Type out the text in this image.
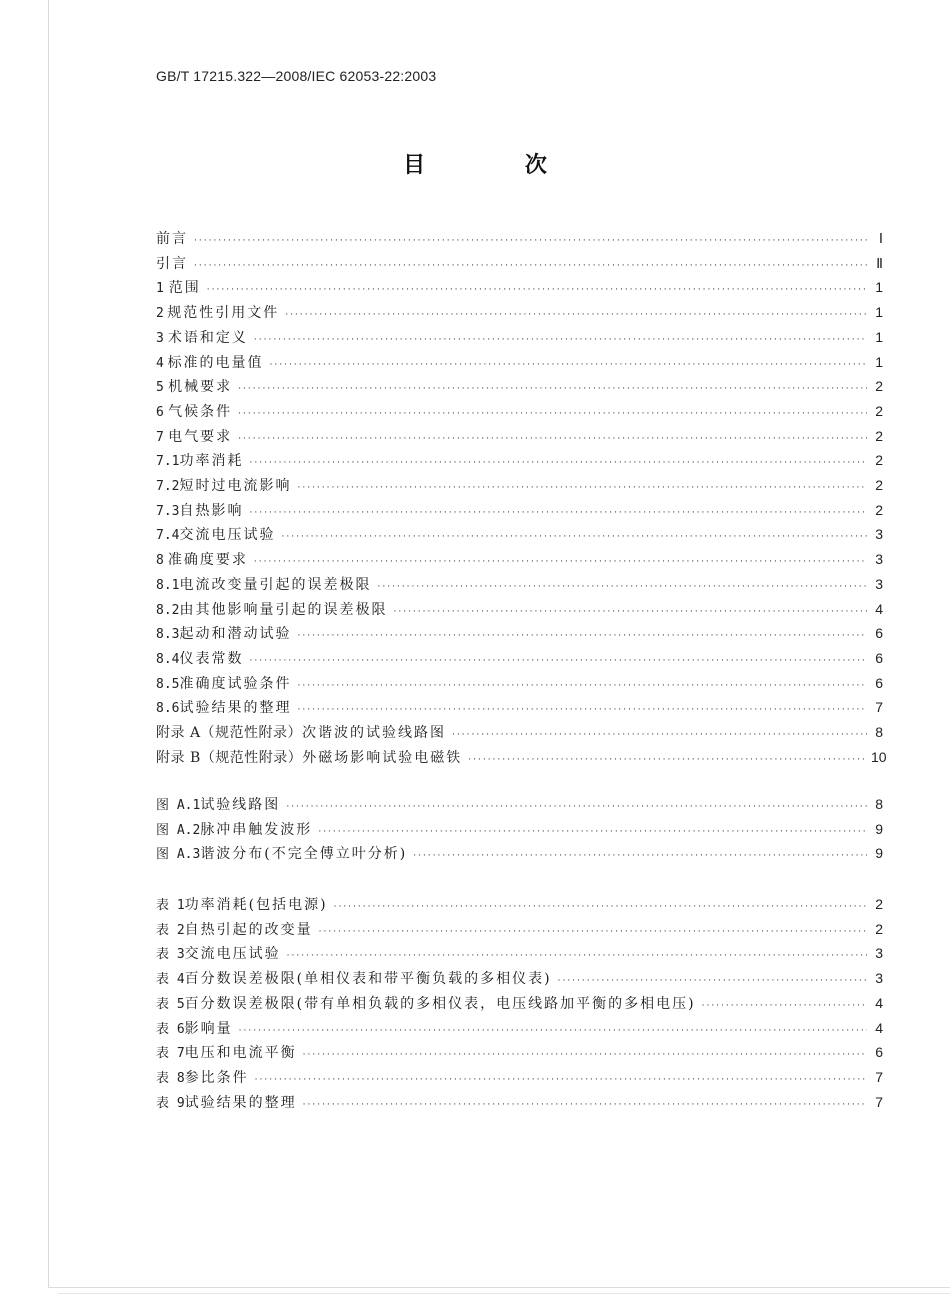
GB/T 17215.322—2008/IEC 62053-22:2003
目 次
前言 ·····	Ⅰ
引言 ·····	Ⅱ
1 范围 ·····	1
2 规范性引用文件 ·····	1
3 术语和定义 ·····	1
4 标准的电量值 ·····	1
5 机械要求 ·····	2
6 气候条件 ·····	2
7 电气要求 ·····	2
7.1 功率消耗 ·····	2
7.2 短时过电流影响 ·····	2
7.3 自热影响 ·····	2
7.4 交流电压试验 ·····	3
8 准确度要求 ·····	3
8.1 电流改变量引起的误差极限 ·····	3
8.2 由其他影响量引起的误差极限 ·····	4
8.3 起动和潜动试验 ·····	6
8.4 仪表常数 ·····	6
8.5 准确度试验条件 ·····	6
8.6 试验结果的整理 ·····	7
附录 A（规范性附录） 次谐波的试验线路图 ·····	8
附录 B（规范性附录） 外磁场影响试验电磁铁 ·····	10
图 A.1 试验线路图 ·····	8
图 A.2 脉冲串触发波形 ·····	9
图 A.3 谐波分布(不完全傅立叶分析) ·····	9
表 1 功率消耗(包括电源) ·····	2
表 2 自热引起的改变量 ·····	2
表 3 交流电压试验 ·····	3
表 4 百分数误差极限(单相仪表和带平衡负载的多相仪表) ·····	3
表 5 百分数误差极限(带有单相负载的多相仪表，电压线路加平衡的多相电压) ·····	4
表 6 影响量 ·····	4
表 7 电压和电流平衡 ·····	6
表 8 参比条件 ·····	7
表 9 试验结果的整理 ·····	7
